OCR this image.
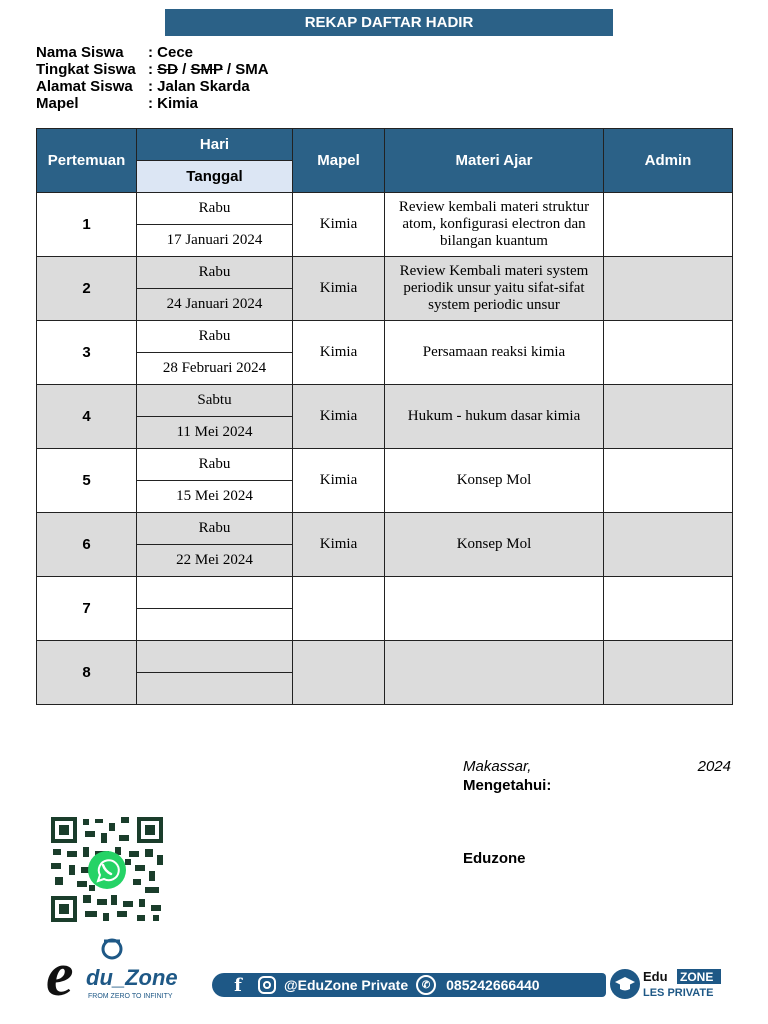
REKAP DAFTAR HADIR
Nama Siswa	: Cece
Tingkat Siswa : SD / SMP / SMA
Alamat Siswa	: Jalan Skarda
Mapel	: Kimia
Pertemuan	Hari	Mapel	Materi Ajar	Admin
	Tanggal			
1	Rabu	Kimia	Review kembali materi struktur atom, konfigurasi electron dan bilangan kuantum	
	17 Januari 2024			
2	Rabu	Kimia	Review Kembali materi system periodik unsur yaitu sifat-sifat system periodic unsur	
	24 Januari 2024			
3	Rabu	Kimia	Persamaan reaksi kimia	
	28 Februari 2024			
4	Sabtu	Kimia	Hukum - hukum dasar kimia	
	11 Mei 2024			
5	Rabu	Kimia	Konsep Mol	
	15 Mei 2024			
6	Rabu	Kimia	Konsep Mol	
	22 Mei 2024			
7				

8				

Makassar,	2024
Mengetahui:
Eduzone
e du_Zone
FROM ZERO TO INFINITY
f	@EduZone Private	✆	085242666440
Edu ZONE
LES PRIVATE
